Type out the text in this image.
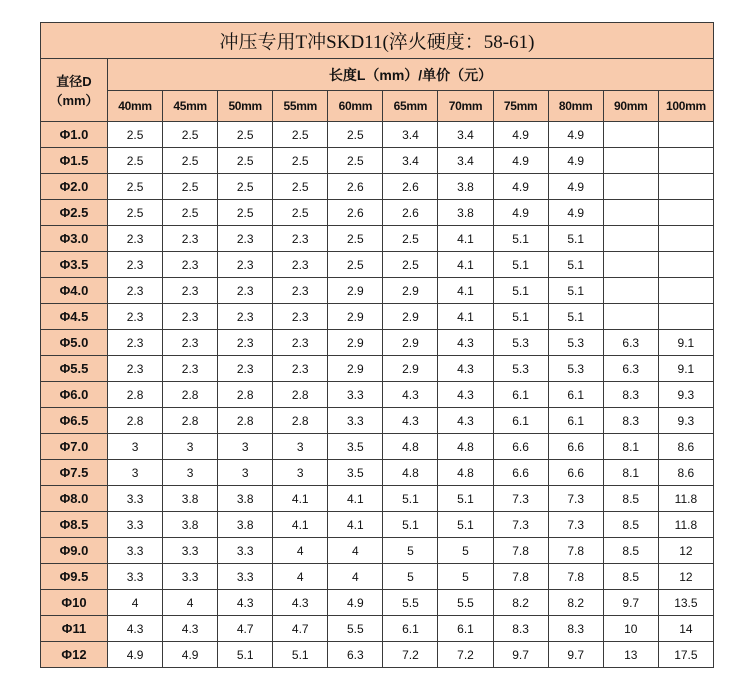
冲压专用T冲SKD11(淬火硬度：58-61)											

直径D
（mm）	长度L（mm）/单价（元）										
	40mm	45mm	50mm	55mm	60mm	65mm	70mm	75mm	80mm	90mm	100mm
Φ1.0	2.5	2.5	2.5	2.5	2.5	3.4	3.4	4.9	4.9		
Φ1.5	2.5	2.5	2.5	2.5	2.5	3.4	3.4	4.9	4.9		
Φ2.0	2.5	2.5	2.5	2.5	2.6	2.6	3.8	4.9	4.9		
Φ2.5	2.5	2.5	2.5	2.5	2.6	2.6	3.8	4.9	4.9		
Φ3.0	2.3	2.3	2.3	2.3	2.5	2.5	4.1	5.1	5.1		
Φ3.5	2.3	2.3	2.3	2.3	2.5	2.5	4.1	5.1	5.1		
Φ4.0	2.3	2.3	2.3	2.3	2.9	2.9	4.1	5.1	5.1		
Φ4.5	2.3	2.3	2.3	2.3	2.9	2.9	4.1	5.1	5.1		
Φ5.0	2.3	2.3	2.3	2.3	2.9	2.9	4.3	5.3	5.3	6.3	9.1
Φ5.5	2.3	2.3	2.3	2.3	2.9	2.9	4.3	5.3	5.3	6.3	9.1
Φ6.0	2.8	2.8	2.8	2.8	3.3	4.3	4.3	6.1	6.1	8.3	9.3
Φ6.5	2.8	2.8	2.8	2.8	3.3	4.3	4.3	6.1	6.1	8.3	9.3
Φ7.0	3	3	3	3	3.5	4.8	4.8	6.6	6.6	8.1	8.6
Φ7.5	3	3	3	3	3.5	4.8	4.8	6.6	6.6	8.1	8.6
Φ8.0	3.3	3.8	3.8	4.1	4.1	5.1	5.1	7.3	7.3	8.5	11.8
Φ8.5	3.3	3.8	3.8	4.1	4.1	5.1	5.1	7.3	7.3	8.5	11.8
Φ9.0	3.3	3.3	3.3	4	4	5	5	7.8	7.8	8.5	12
Φ9.5	3.3	3.3	3.3	4	4	5	5	7.8	7.8	8.5	12
Φ10	4	4	4.3	4.3	4.9	5.5	5.5	8.2	8.2	9.7	13.5
Φ11	4.3	4.3	4.7	4.7	5.5	6.1	6.1	8.3	8.3	10	14
Φ12	4.9	4.9	5.1	5.1	6.3	7.2	7.2	9.7	9.7	13	17.5
